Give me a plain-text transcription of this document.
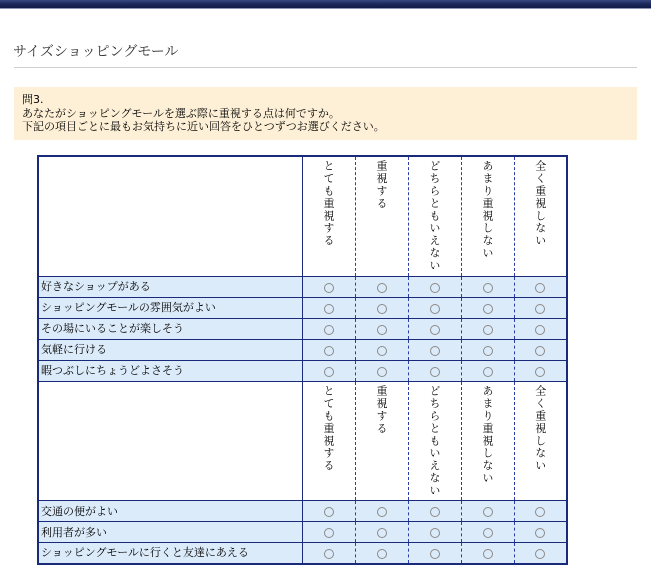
サイズショッピングモール
問3.
あなたがショッピングモールを選ぶ際に重視する点は何ですか。
下記の項目ごとに最もお気持ちに近い回答をひとつずつお選びください。
	とても重視する	重視する	どちらともいえない	あまり重視しない	全く重視しない
好きなショップがある					
ショッピングモールの雰囲気がよい					
その場にいることが楽しそう					
気軽に行ける					
暇つぶしにちょうどよさそう					
	とても重視する	重視する	どちらともいえない	あまり重視しない	全く重視しない
交通の便がよい					
利用者が多い					
ショッピングモールに行くと友達にあえる					
